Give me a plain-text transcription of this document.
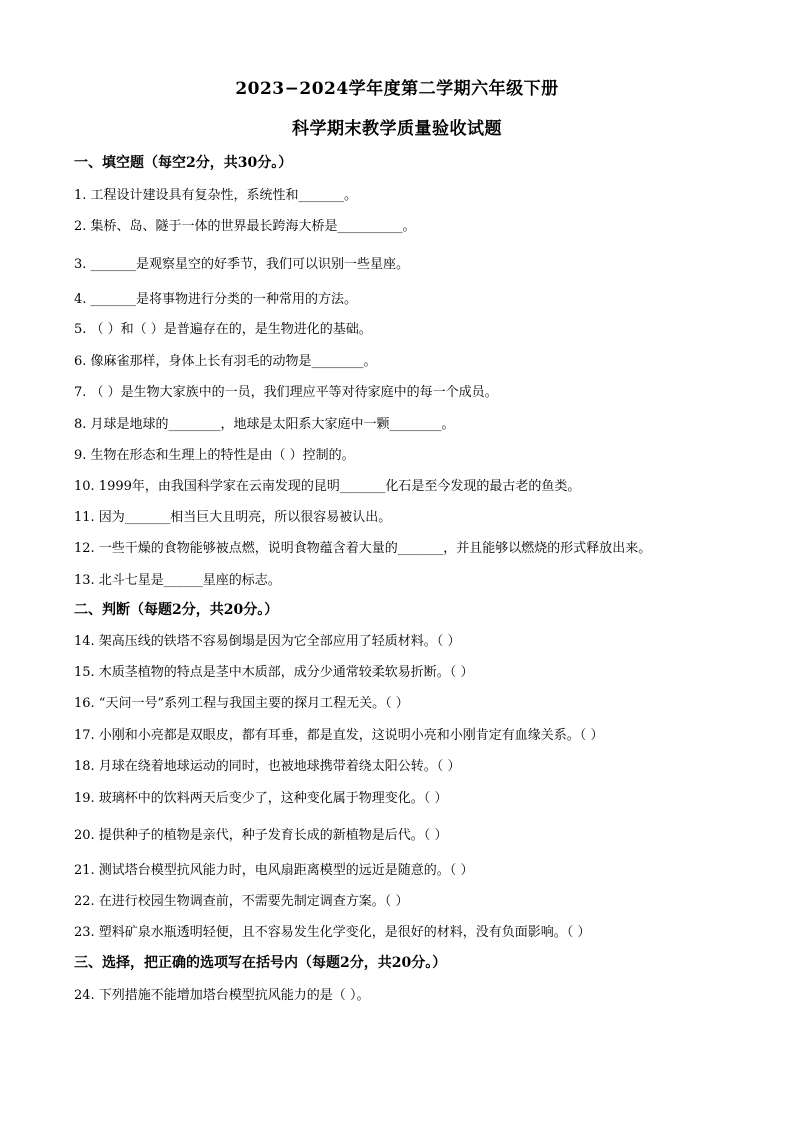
2023−2024学年度第二学期六年级下册
科学期末教学质量验收试题
一、填空题（每空2分，共30分。）
1. 工程设计建设具有复杂性，系统性和_______。
2. 集桥、岛、隧于一体的世界最长跨海大桥是__________。
3. _______是观察星空的好季节，我们可以识别一些星座。
4. _______是将事物进行分类的一种常用的方法。
5. （ ）和（ ）是普遍存在的，是生物进化的基础。
6. 像麻雀那样，身体上长有羽毛的动物是________。
7. （ ）是生物大家族中的一员，我们理应平等对待家庭中的每一个成员。
8. 月球是地球的________，地球是太阳系大家庭中一颗________。
9. 生物在形态和生理上的特性是由（ ）控制的。
10. 1999年，由我国科学家在云南发现的昆明_______化石是至今发现的最古老的鱼类。
11. 因为_______相当巨大且明亮，所以很容易被认出。
12. 一些干燥的食物能够被点燃，说明食物蕴含着大量的_______，并且能够以燃烧的形式释放出来。
13. 北斗七星是______星座的标志。
二、判断（每题2分，共20分。）
14. 架高压线的铁塔不容易倒塌是因为它全部应用了轻质材料。（ ）
15. 木质茎植物的特点是茎中木质部，成分少通常较柔软易折断。（ ）
16. “天问一号”系列工程与我国主要的探月工程无关。（ ）
17. 小刚和小亮都是双眼皮，都有耳垂，都是直发，这说明小亮和小刚肯定有血缘关系。（ ）
18. 月球在绕着地球运动的同时，也被地球携带着绕太阳公转。（ ）
19. 玻璃杯中的饮料两天后变少了，这种变化属于物理变化。（ ）
20. 提供种子的植物是亲代，种子发育长成的新植物是后代。（ ）
21. 测试塔台模型抗风能力时，电风扇距离模型的远近是随意的。（ ）
22. 在进行校园生物调查前，不需要先制定调查方案。（ ）
23. 塑料矿泉水瓶透明轻便，且不容易发生化学变化，是很好的材料，没有负面影响。（ ）
三、选择，把正确的选项写在括号内（每题2分，共20分。）
24. 下列措施不能增加塔台模型抗风能力的是（ ）。
